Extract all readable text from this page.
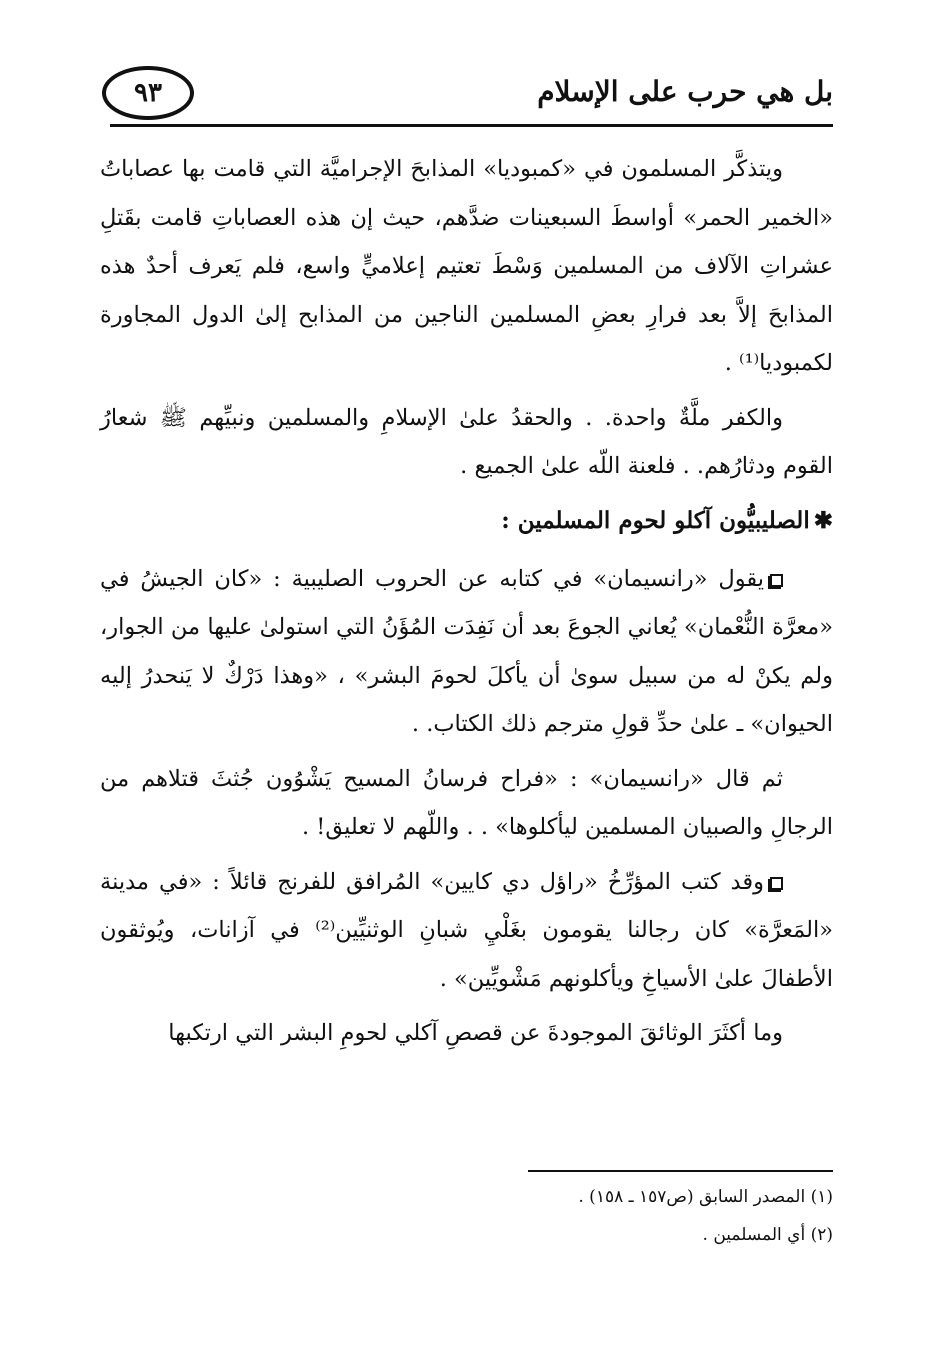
بل هي حرب على الإسلام
٩٣

ويتذكَّر المسلمون في «كمبوديا» المذابحَ الإجراميَّة التي قامت بها عصاباتُ «الخمير الحمر» أواسطَ السبعينات ضدَّهم، حيث إن هذه العصاباتِ قامت بقَتلِ عشراتِ الآلاف من المسلمين وَسْطَ تعتيم إعلاميٍّ واسع، فلم يَعرف أحدٌ هذه المذابحَ إلاَّ بعد فرارِ بعضِ المسلمين الناجين من المذابح إلىٰ الدول المجاورة لكمبوديا⁽¹⁾ .

والكفر ملَّةٌ واحدة. . والحقدُ علىٰ الإسلامِ والمسلمين ونبيِّهم ﷺ شعارُ القوم ودثارُهم. . فلعنة اللّه علىٰ الجميع .

✱الصليبيُّون آكلو لحوم المسلمين :

يقول «رانسيمان» في كتابه عن الحروب الصليبية : «كان الجيشُ في «معرَّة النُّعْمان» يُعاني الجوعَ بعد أن نَفِدَت المُؤَنُ التي استولىٰ عليها من الجوار، ولم يكنْ له من سبيل سوىٰ أن يأكلَ لحومَ البشر» ، «وهذا دَرْكٌ لا يَنحدرُ إليه الحيوان» ـ علىٰ حدِّ قولِ مترجم ذلك الكتاب. .

ثم قال «رانسيمان» : «فراح فرسانُ المسيح يَشْوُون جُثثَ قتلاهم من الرجالِ والصبيان المسلمين ليأكلوها» . . واللّهم لا تعليق! .

وقد كتب المؤرِّخُ «راؤل دي كايين» المُرافق للفرنج قائلاً : «في مدينة «المَعرَّة» كان رجالنا يقومون بغَلْيِ شبانِ الوثنيِّين⁽²⁾ في آزانات، ويُوثقون الأطفالَ علىٰ الأسياخِ ويأكلونهم مَشْويِّين» .

وما أكثَرَ الوثائقَ الموجودةَ عن قصصِ آكلي لحومِ البشر التي ارتكبها

(١) المصدر السابق (ص١٥٧ ـ ١٥٨) .
(٢) أي المسلمين .
